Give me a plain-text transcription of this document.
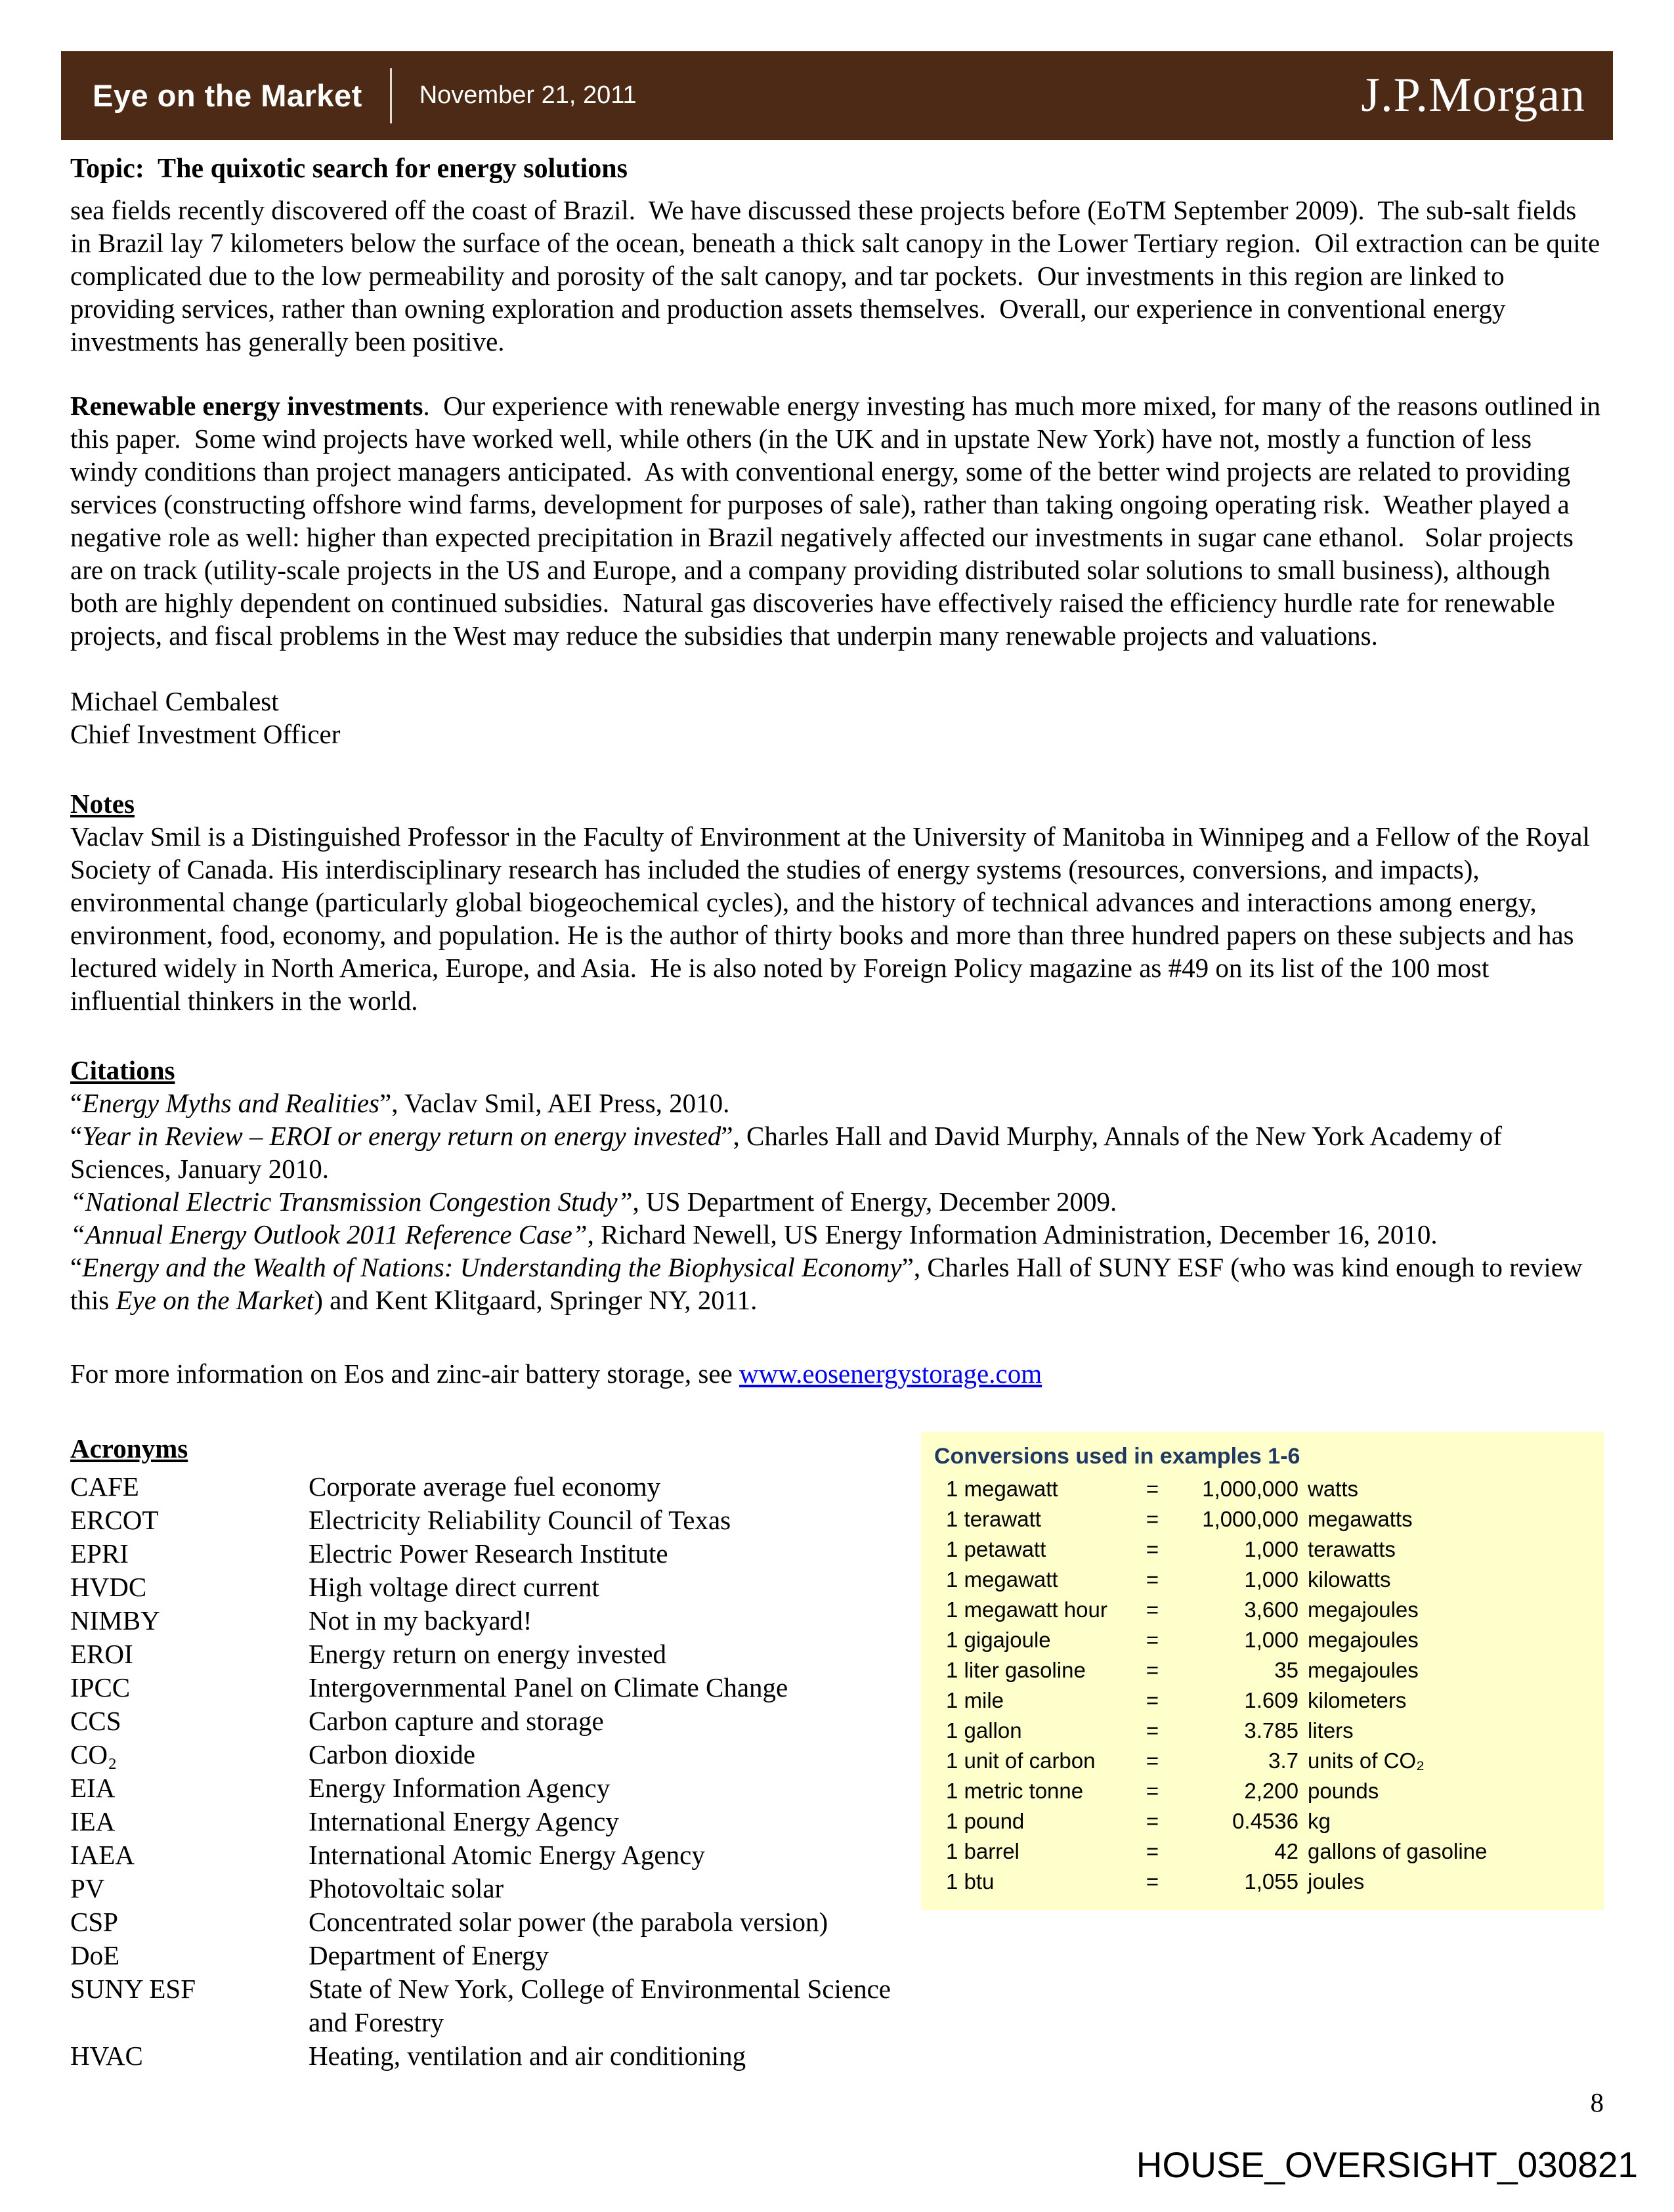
Eye on the Market November 21, 2011	J.P.Morgan
Topic:  The quixotic search for energy solutions

sea fields recently discovered off the coast of Brazil.  We have discussed these projects before (EoTM September 2009).  The sub-salt fields in Brazil lay 7 kilometers below the surface of the ocean, beneath a thick salt canopy in the Lower Tertiary region.  Oil extraction can be quite complicated due to the low permeability and porosity of the salt canopy, and tar pockets.  Our investments in this region are linked to providing services, rather than owning exploration and production assets themselves.  Overall, our experience in conventional energy investments has generally been positive.

Renewable energy investments.  Our experience with renewable energy investing has much more mixed, for many of the reasons outlined in this paper.  Some wind projects have worked well, while others (in the UK and in upstate New York) have not, mostly a function of less windy conditions than project managers anticipated.  As with conventional energy, some of the better wind projects are related to providing services (constructing offshore wind farms, development for purposes of sale), rather than taking ongoing operating risk.  Weather played a negative role as well: higher than expected precipitation in Brazil negatively affected our investments in sugar cane ethanol.   Solar projects are on track (utility-scale projects in the US and Europe, and a company providing distributed solar solutions to small business), although both are highly dependent on continued subsidies.  Natural gas discoveries have effectively raised the efficiency hurdle rate for renewable projects, and fiscal problems in the West may reduce the subsidies that underpin many renewable projects and valuations.

Michael Cembalest
Chief Investment Officer
Notes

Vaclav Smil is a Distinguished Professor in the Faculty of Environment at the University of Manitoba in Winnipeg and a Fellow of the Royal Society of Canada. His interdisciplinary research has included the studies of energy systems (resources, conversions, and impacts), environmental change (particularly global biogeochemical cycles), and the history of technical advances and interactions among energy, environment, food, economy, and population. He is the author of thirty books and more than three hundred papers on these subjects and has lectured widely in North America, Europe, and Asia.  He is also noted by Foreign Policy magazine as #49 on its list of the 100 most influential thinkers in the world.

Citations

“Energy Myths and Realities”, Vaclav Smil, AEI Press, 2010.

“Year in Review – EROI or energy return on energy invested”, Charles Hall and David Murphy, Annals of the New York Academy of Sciences, January 2010.

“National Electric Transmission Congestion Study”, US Department of Energy, December 2009.

“Annual Energy Outlook 2011 Reference Case”, Richard Newell, US Energy Information Administration, December 16, 2010.

“Energy and the Wealth of Nations: Understanding the Biophysical Economy”, Charles Hall of SUNY ESF (who was kind enough to review this Eye on the Market) and Kent Klitgaard, Springer NY, 2011.

For more information on Eos and zinc-air battery storage, see www.eosenergystorage.com

Acronyms
CAFE	Corporate average fuel economy
ERCOT	Electricity Reliability Council of Texas
EPRI	Electric Power Research Institute
HVDC	High voltage direct current
NIMBY	Not in my backyard!
EROI	Energy return on energy invested
IPCC	Intergovernmental Panel on Climate Change
CCS	Carbon capture and storage
CO₂	Carbon dioxide
EIA	Energy Information Agency
IEA	International Energy Agency
IAEA	International Atomic Energy Agency
PV	Photovoltaic solar
CSP	Concentrated solar power (the parabola version)
DoE	Department of Energy
SUNY ESF	State of New York, College of Environmental Science and Forestry
HVAC	Heating, ventilation and air conditioning
Conversions used in examples 1-6
1 megawatt	=	1,000,000 watts
1 terawatt	=	1,000,000 megawatts
1 petawatt	=	1,000 terawatts
1 megawatt	=	1,000 kilowatts
1 megawatt hour	=	3,600 megajoules
1 gigajoule	=	1,000 megajoules
1 liter gasoline	=	35 megajoules
1 mile	=	1.609 kilometers
1 gallon	=	3.785 liters
1 unit of carbon	=	3.7 units of CO₂
1 metric tonne	=	2,200 pounds
1 pound	=	0.4536 kg
1 barrel	=	42 gallons of gasoline
1 btu	=	1,055 joules
8
HOUSE_OVERSIGHT_030821
